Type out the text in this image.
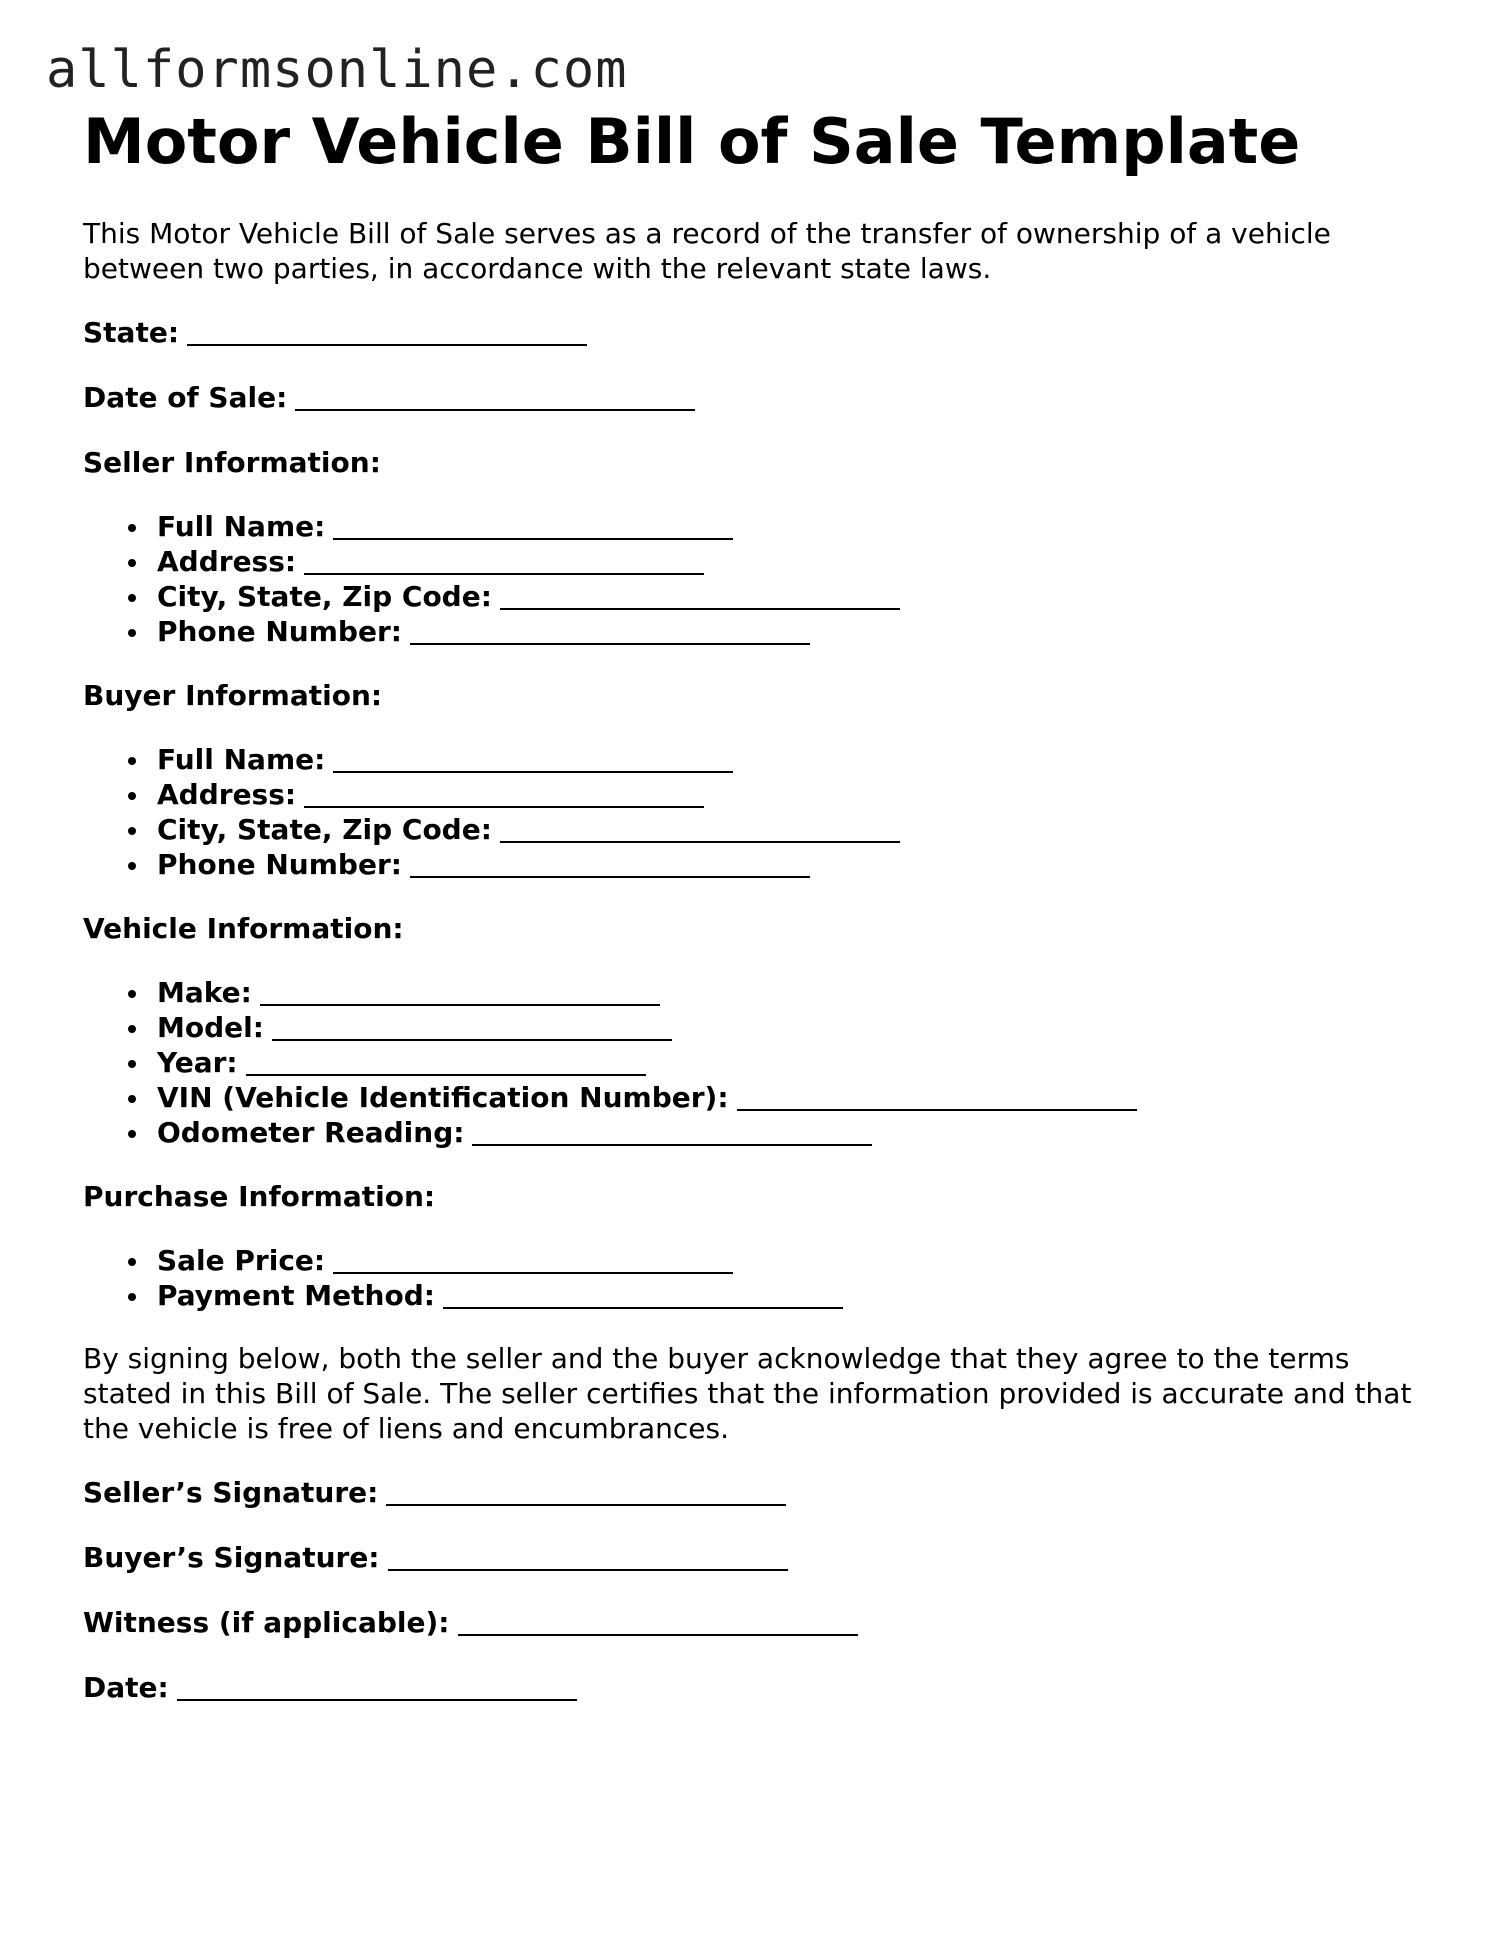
allformsonline.com
Motor Vehicle Bill of Sale Template

This Motor Vehicle Bill of Sale serves as a record of the transfer of ownership of a vehicle between two parties, in accordance with the relevant state laws.

State:
Date of Sale:
Seller Information:
Full Name:
Address:
City, State, Zip Code:
Phone Number:
Buyer Information:
Full Name:
Address:
City, State, Zip Code:
Phone Number:
Vehicle Information:
Make:
Model:
Year:
VIN (Vehicle Identification Number):
Odometer Reading:
Purchase Information:
Sale Price:
Payment Method:

By signing below, both the seller and the buyer acknowledge that they agree to the terms stated in this Bill of Sale. The seller certifies that the information provided is accurate and that the vehicle is free of liens and encumbrances.

Seller’s Signature:
Buyer’s Signature:
Witness (if applicable):
Date:
